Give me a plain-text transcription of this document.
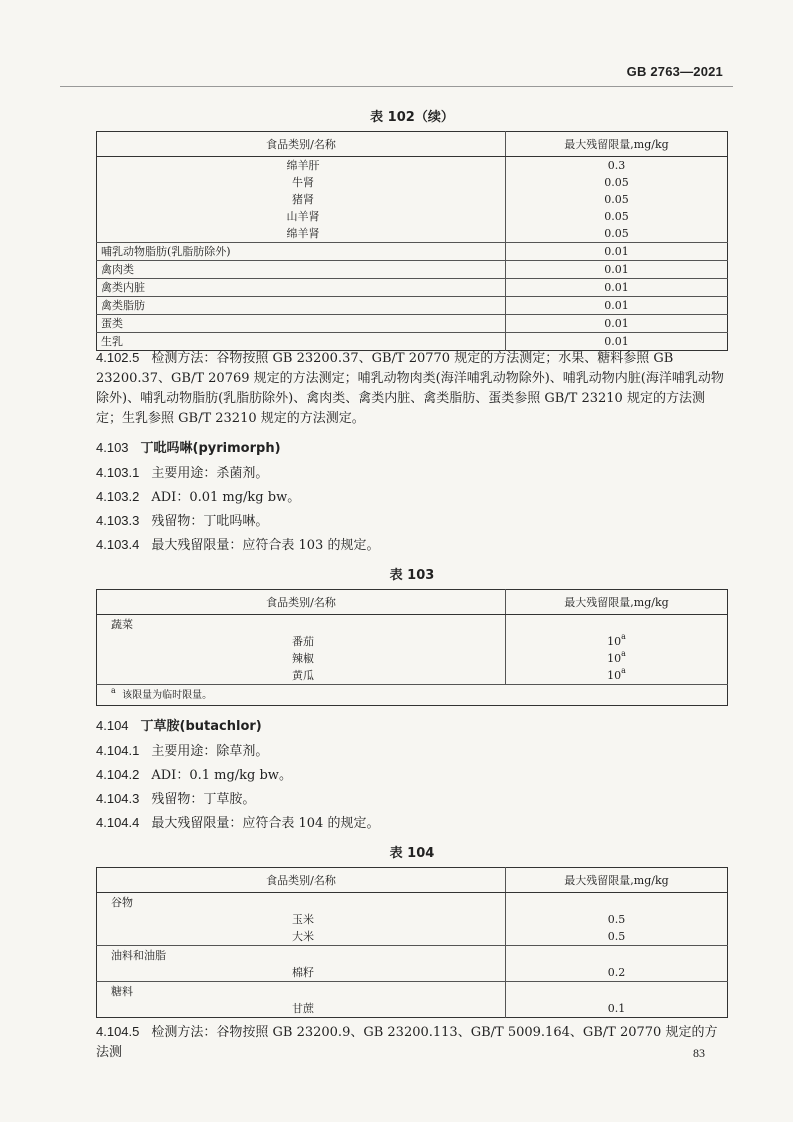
GB 2763—2021
表 102（续）
食品类别/名称	最大残留限量,mg/kg
绵羊肝	0.3
牛肾	0.05
猪肾	0.05
山羊肾	0.05
绵羊肾	0.05
哺乳动物脂肪(乳脂肪除外)	0.01
禽肉类	0.01
禽类内脏	0.01
禽类脂肪	0.01
蛋类	0.01
生乳	0.01
4.102.5 检测方法：谷物按照 GB 23200.37、GB/T 20770 规定的方法测定；水果、糖料参照 GB 23200.37、GB/T 20769 规定的方法测定；哺乳动物肉类(海洋哺乳动物除外)、哺乳动物内脏(海洋哺乳动物除外)、哺乳动物脂肪(乳脂肪除外)、禽肉类、禽类内脏、禽类脂肪、蛋类参照 GB/T 23210 规定的方法测定；生乳参照 GB/T 23210 规定的方法测定。
4.103 丁吡吗啉(pyrimorph)
4.103.1 主要用途：杀菌剂。
4.103.2 ADI：0.01 mg/kg bw。
4.103.3 残留物：丁吡吗啉。
4.103.4 最大残留限量：应符合表 103 的规定。
表 103
食品类别/名称	最大残留限量,mg/kg
蔬菜	
番茄	10$^a$
辣椒	10$^a$
黄瓜	10$^a$
$^a$ 该限量为临时限量。	
4.104 丁草胺(butachlor)
4.104.1 主要用途：除草剂。
4.104.2 ADI：0.1 mg/kg bw。
4.104.3 残留物：丁草胺。
4.104.4 最大残留限量：应符合表 104 的规定。
表 104
食品类别/名称	最大残留限量,mg/kg
谷物	
玉米	0.5
大米	0.5
油料和油脂	
棉籽	0.2
糖料	
甘蔗	0.1
4.104.5 检测方法：谷物按照 GB 23200.9、GB 23200.113、GB/T 5009.164、GB/T 20770 规定的方法测	83
